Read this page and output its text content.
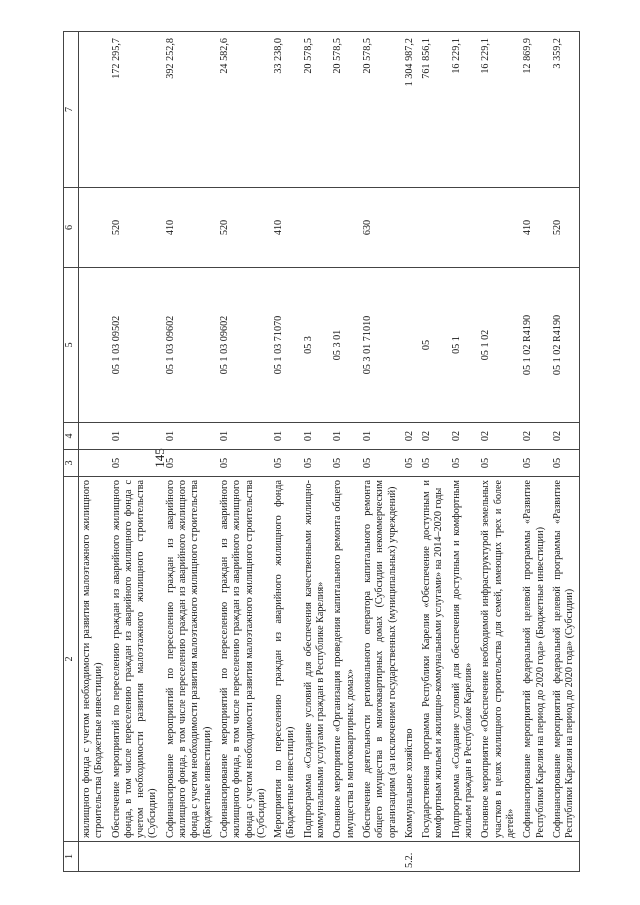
145
1	2	3	4	5	6	7
	жилищного фонда с учетом необходимости развития малоэтажного жилищного строительства (Бюджетные инвестиции)					
	Обеспечение мероприятий по переселению граждан из аварийного жилищного фонда, в том числе переселению граждан из аварийного жилищного фонда с учетом необходимости развития малоэтажного жилищного строительства (Субсидии)	05	01	05 1 03 09502	520	172 295,7
	Софинансирование мероприятий по переселению граждан из аварийного жилищного фонда, в том числе переселению граждан из аварийного жилищного фонда с учетом необходимости развития малоэтажного жилищного строительства (Бюджетные инвестиции)	05	01	05 1 03 09602	410	392 252,8
	Софинансирование мероприятий по переселению граждан из аварийного жилищного фонда, в том числе переселению граждан из аварийного жилищного фонда с учетом необходимости развития малоэтажного жилищного строительства (Субсидии)	05	01	05 1 03 09602	520	24 582,6
	Мероприятия по переселению граждан из аварийного жилищного фонда (Бюджетные инвестиции)	05	01	05 1 03 71070	410	33 238,0
	Подпрограмма «Создание условий для обеспечения качественными жилищно-коммунальными услугами граждан в Республике Карелия»	05	01	05 3		20 578,5
	Основное мероприятие «Организация проведения капитального ремонта общего имущества в многоквартирных домах»	05	01	05 3 01		20 578,5
	Обеспечение деятельности регионального оператора капитального ремонта общего имущества в многоквартирных домах (Субсидии некоммерческим организациям (за исключением государственных (муниципальных) учреждений)	05	01	05 3 01 71010	630	20 578,5
5.2.	Коммунальное хозяйство	05	02			1 304 987,2
	Государственная программа Республики Карелия «Обеспечение доступным и комфортным жильем и жилищно-коммунальными услугами» на 2014–2020 годы	05	02	05		761 856,1
	Подпрограмма «Создание условий для обеспечения доступным и комфортным жильем граждан в Республике Карелия»	05	02	05 1		16 229,1
	Основное мероприятие «Обеспечение необходимой инфраструктурой земельных участков в целях жилищного строительства для семей, имеющих трех и более детей»	05	02	05 1 02		16 229,1
	Софинансирование мероприятий федеральной целевой программы «Развитие Республики Карелия на период до 2020 года» (Бюджетные инвестиции)	05	02	05 1 02 R4190	410	12 869,9
	Софинансирование мероприятий федеральной целевой программы «Развитие Республики Карелия на период до 2020 года» (Субсидии)	05	02	05 1 02 R4190	520	3 359,2
